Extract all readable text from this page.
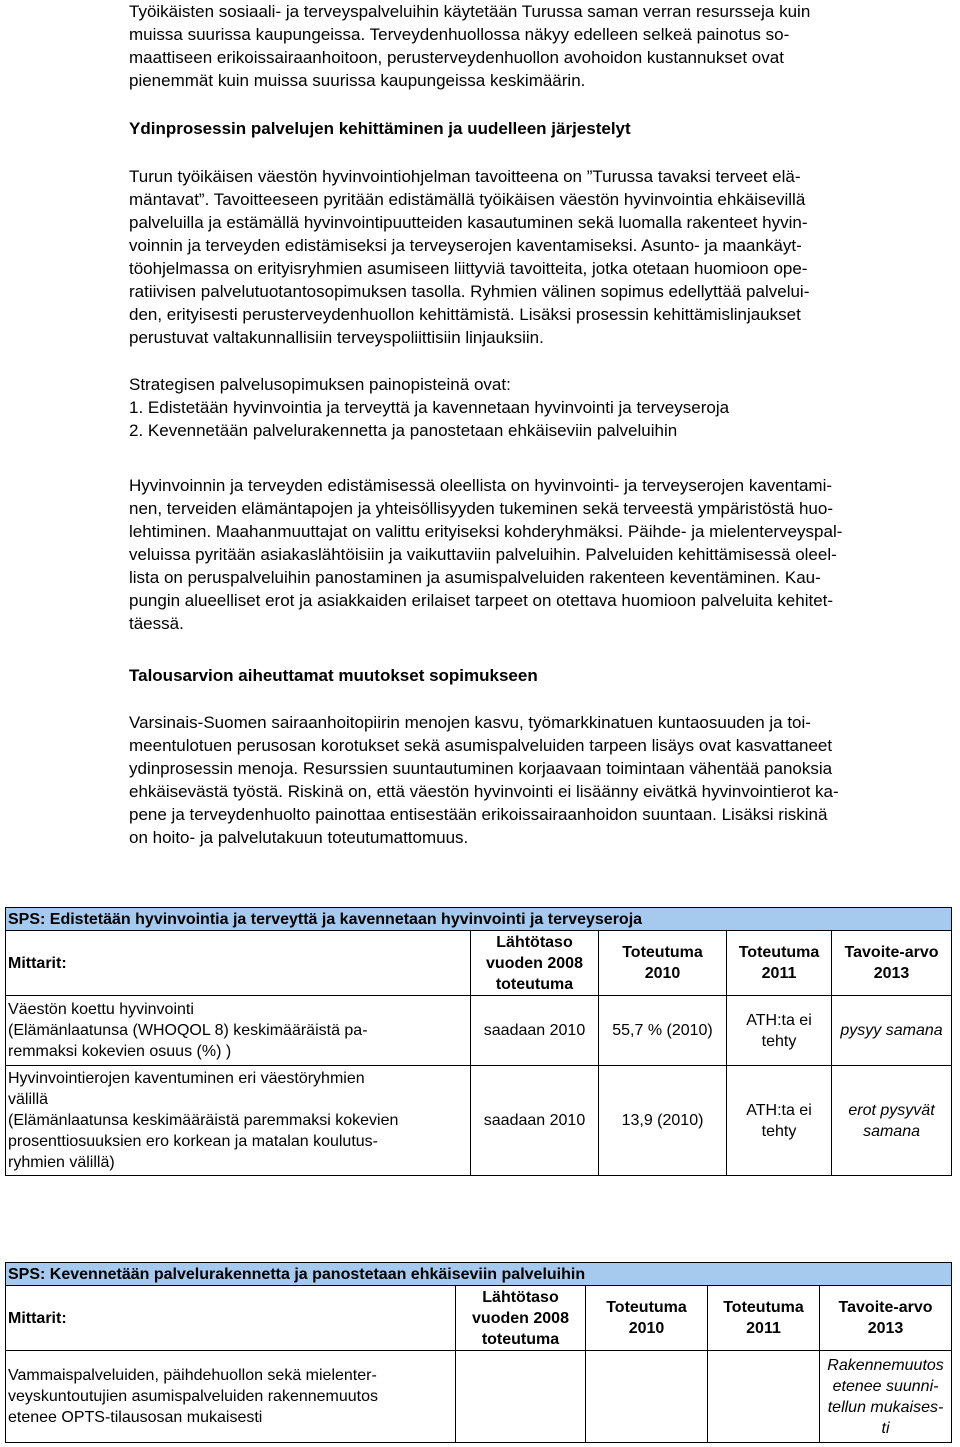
Työikäisten sosiaali- ja terveyspalveluihin käytetään Turussa saman verran resursseja kuin
muissa suurissa kaupungeissa. Terveydenhuollossa näkyy edelleen selkeä painotus so-
maattiseen erikoissairaanhoitoon, perusterveydenhuollon avohoidon kustannukset ovat
pienemmät kuin muissa suurissa kaupungeissa keskimäärin.
Ydinprosessin palvelujen kehittäminen ja uudelleen järjestelyt
Turun työikäisen väestön hyvinvointiohjelman tavoitteena on ”Turussa tavaksi terveet elä-
mäntavat”. Tavoitteeseen pyritään edistämällä työikäisen väestön hyvinvointia ehkäisevillä
palveluilla ja estämällä hyvinvointipuutteiden kasautuminen sekä luomalla rakenteet hyvin-
voinnin ja terveyden edistämiseksi ja terveyserojen kaventamiseksi. Asunto- ja maankäyt-
töohjelmassa on erityisryhmien asumiseen liittyviä tavoitteita, jotka otetaan huomioon ope-
ratiivisen palvelutuotantosopimuksen tasolla. Ryhmien välinen sopimus edellyttää palvelui-
den, erityisesti perusterveydenhuollon kehittämistä. Lisäksi prosessin kehittämislinjaukset
perustuvat valtakunnallisiin terveyspoliittisiin linjauksiin.
Strategisen palvelusopimuksen painopisteinä ovat:
1. Edistetään hyvinvointia ja terveyttä ja kavennetaan hyvinvointi ja terveyseroja
2. Kevennetään palvelurakennetta ja panostetaan ehkäiseviin palveluihin
Hyvinvoinnin ja terveyden edistämisessä oleellista on hyvinvointi- ja terveyserojen kaventami-
nen, terveiden elämäntapojen ja yhteisöllisyyden tukeminen sekä terveestä ympäristöstä huo-
lehtiminen. Maahanmuuttajat on valittu erityiseksi kohderyhmäksi. Päihde- ja mielenterveyspal-
veluissa pyritään asiakaslähtöisiin ja vaikuttaviin palveluihin. Palveluiden kehittämisessä oleel-
lista on peruspalveluihin panostaminen ja asumispalveluiden rakenteen keventäminen. Kau-
pungin alueelliset erot ja asiakkaiden erilaiset tarpeet on otettava huomioon palveluita kehitet-
täessä.
Talousarvion aiheuttamat muutokset sopimukseen
Varsinais-Suomen sairaanhoitopiirin menojen kasvu, työmarkkinatuen kuntaosuuden ja toi-
meentulotuen perusosan korotukset sekä asumispalveluiden tarpeen lisäys ovat kasvattaneet
ydinprosessin menoja. Resurssien suuntautuminen korjaavaan toimintaan vähentää panoksia
ehkäisevästä työstä. Riskinä on, että väestön hyvinvointi ei lisäänny eivätkä hyvinvointierot ka-
pene ja terveydenhuolto painottaa entisestään erikoissairaanhoidon suuntaan. Lisäksi riskinä
on hoito- ja palvelutakuun toteutumattomuus.
SPS: Edistetään hyvinvointia ja terveyttä ja kavennetaan hyvinvointi ja terveyseroja				
Mittarit:	Lähtötaso
vuoden 2008
toteutuma	Toteutuma
2010	Toteutuma
2011	Tavoite-arvo
2013

Väestön koettu hyvinvointi
(Elämänlaatunsa (WHOQOL 8) keskimääräistä pa-
remmaksi kokevien osuus (%) )	saadaan 2010	55,7 % (2010)	ATH:ta ei
tehty	pysyy samana

Hyvinvointierojen kaventuminen eri väestöryhmien
välillä
(Elämänlaatunsa keskimääräistä paremmaksi kokevien
prosenttiosuuksien ero korkean ja matalan koulutus-
ryhmien välillä)	saadaan 2010	13,9 (2010)	ATH:ta ei
tehty	erot pysyvät
samana
SPS: Kevennetään palvelurakennetta ja panostetaan ehkäiseviin palveluihin				
Mittarit:	Lähtötaso
vuoden 2008
toteutuma	Toteutuma
2010	Toteutuma
2011	Tavoite-arvo
2013

Vammaispalveluiden, päihdehuollon sekä mielenter-
veyskuntoutujien asumispalveluiden rakennemuutos
etenee OPTS-tilausosan mukaisesti				Rakennemuutos
etenee suunni-
tellun mukaises-
ti
